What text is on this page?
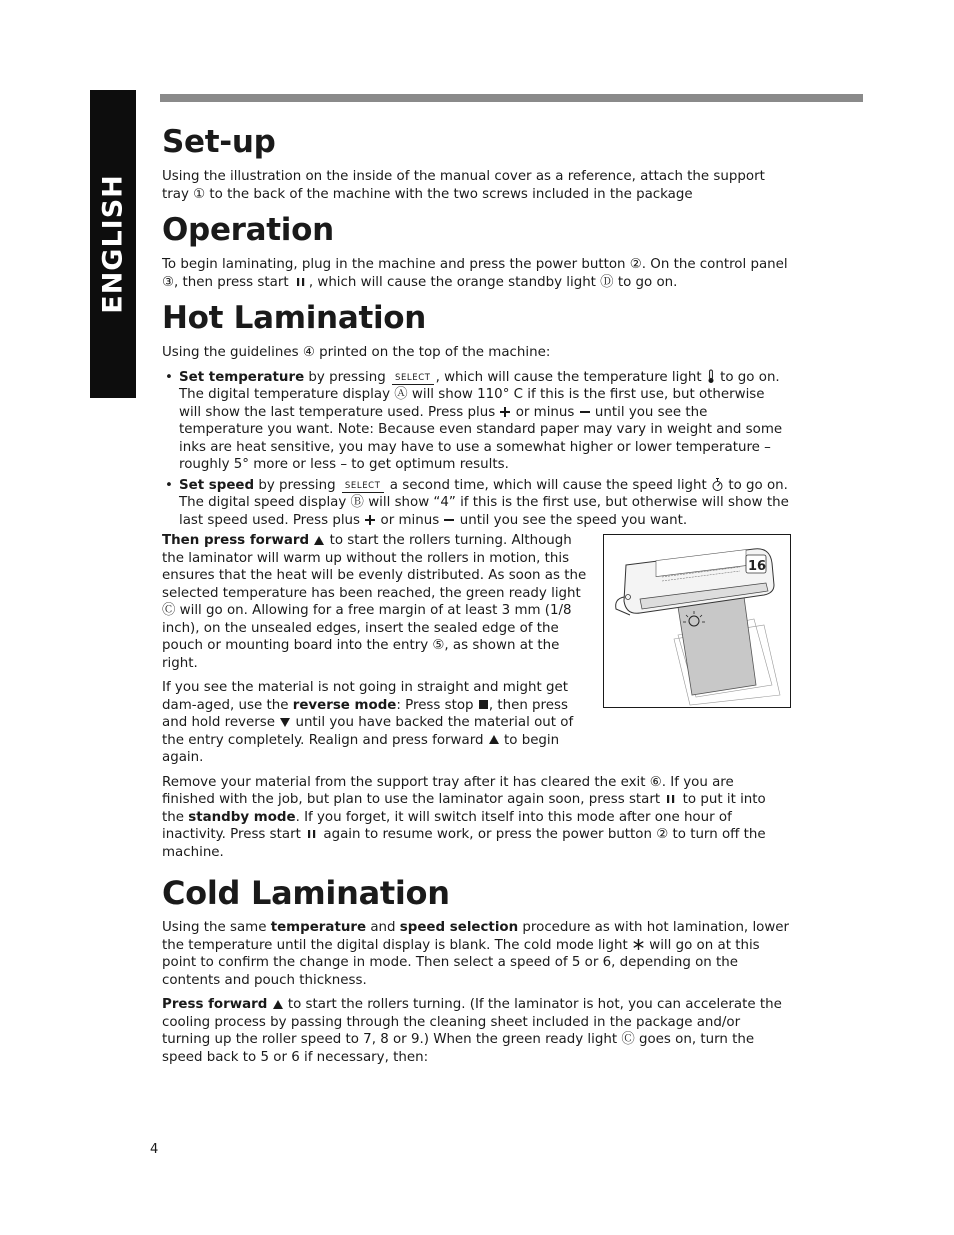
ENGLISH
Set-up

Using the illustration on the inside of the manual cover as a reference, attach the support tray ① to the back of the machine with the two screws included in the package

Operation

To begin laminating, plug in the machine and press the power button ②. On the control panel ③, then press start , which will cause the orange standby light Ⓓ to go on.

Hot Lamination

Using the guidelines ④ printed on the top of the machine:

• Set temperature by pressing SELECT , which will cause the temperature light  to go on. The digital temperature display Ⓐ will show 110° C if this is the first use, but otherwise will show the last temperature used. Press plus  or minus  until you see the temperature you want. Note: Because even standard paper may vary in weight and some inks are heat sensitive, you may have to use a somewhat higher or lower temperature – roughly 5° more or less – to get optimum results.
• Set speed by pressing SELECT a second time, which will cause the speed light  to go on. The digital speed display Ⓑ will show “4” if this is the first use, but otherwise will show the last speed used. Press plus  or minus  until you see the speed you want.
16

Then press forward  to start the rollers turning. Although the laminator will warm up without the rollers in motion, this ensures that the heat will be evenly distributed. As soon as the selected temperature has been reached, the green ready light Ⓒ will go on. Allowing for a free margin of at least 3 mm (1/8 inch), on the unsealed edges, insert the sealed edge of the pouch or mounting board into the entry ⑤, as shown at the right.

If you see the material is not going in straight and might get dam-aged, use the reverse mode: Press stop , then press and hold reverse  until you have backed the material out of the entry completely. Realign and press forward  to begin again.

Remove your material from the support tray after it has cleared the exit ⑥. If you are finished with the job, but plan to use the laminator again soon, press start  to put it into the standby mode. If you forget, it will switch itself into this mode after one hour of inactivity. Press start  again to resume work, or press the power button ② to turn off the machine.

Cold Lamination

Using the same temperature and speed selection procedure as with hot lamination, lower the temperature until the digital display is blank. The cold mode light  will go on at this point to confirm the change in mode. Then select a speed of 5 or 6, depending on the contents and pouch thickness.

Press forward  to start the rollers turning. (If the laminator is hot, you can accelerate the cooling process by passing through the cleaning sheet included in the package and/or turning up the roller speed to 7, 8 or 9.) When the green ready light Ⓒ goes on, turn the speed back to 5 or 6 if necessary, then:

4
